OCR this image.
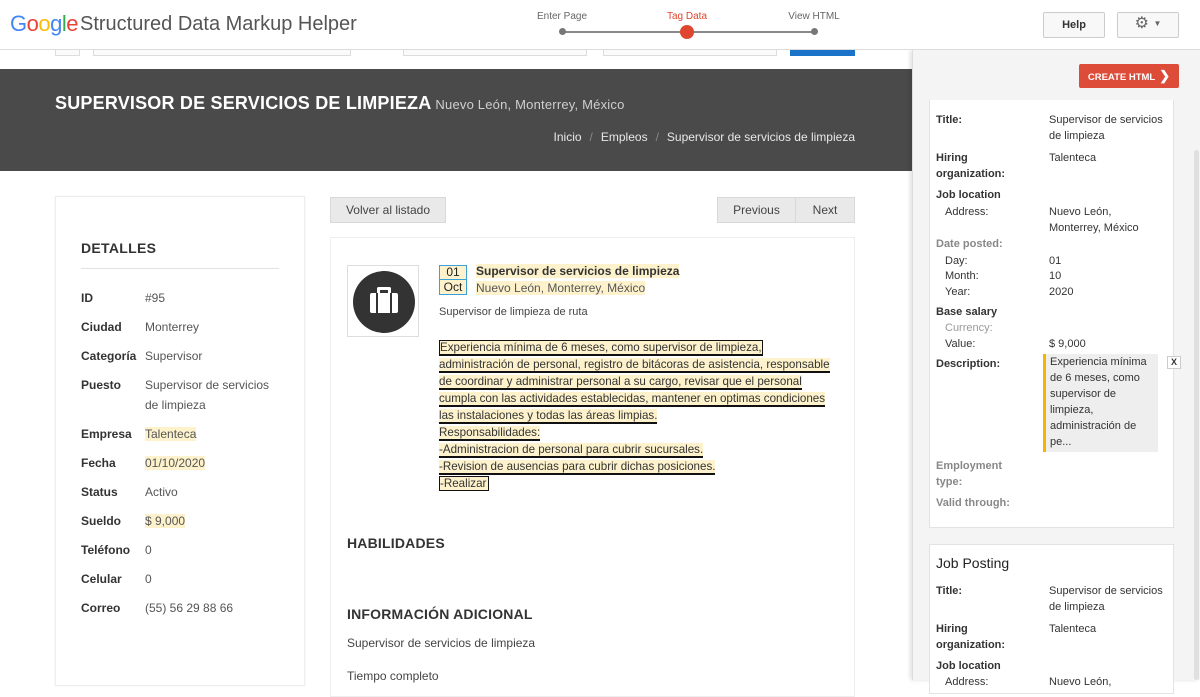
Google Structured Data Markup Helper	Enter Page	Tag Data	View HTML
Help	⚙ ▼
SUPERVISOR DE SERVICIOS DE LIMPIEZA Nuevo León, Monterrey, México
Inicio / Empleos / Supervisor de servicios de limpieza
DETALLES
ID	#95
Ciudad	Monterrey
Categoría Supervisor
Puesto	Supervisor de servicios de limpieza
Empresa	Talenteca
Fecha	01/10/2020
Status	Activo
Sueldo	$ 9,000
Teléfono	0
Celular	0
Correo	(55) 56 29 88 66
Volver al listado	Previous	Next
01
Oct
Supervisor de servicios de limpieza
Nuevo León, Monterrey, México
Supervisor de limpieza de ruta
Experiencia mínima de 6 meses, como supervisor de limpieza,
administración de personal, registro de bitácoras de asistencia, responsable
de coordinar y administrar personal a su cargo, revisar que el personal
cumpla con las actividades establecidas, mantener en optimas condiciones
las instalaciones y todas las áreas limpias.
Responsabilidades:
-Administracion de personal para cubrir sucursales.
-Revision de ausencias para cubrir dichas posiciones.
-Realizar
HABILIDADES
INFORMACIÓN ADICIONAL
Supervisor de servicios de limpieza
Tiempo completo
CREATE HTML ❯
Title:	Supervisor de servicios de limpieza
Hiring organization:
Talenteca
Job location
Address:	Nuevo León, Monterrey, México
Date posted:
Day:	01
Month:	10
Year:	2020
Base salary
Currency:
Value:	$ 9,000
Description:	Experiencia mínima de 6 meses, como supervisor de limpieza, administración de pe...
X
Employment type:
Valid through:
Job Posting
Title:	Supervisor de servicios de limpieza
Hiring organization:
Talenteca
Job location
Address:	Nuevo León,
